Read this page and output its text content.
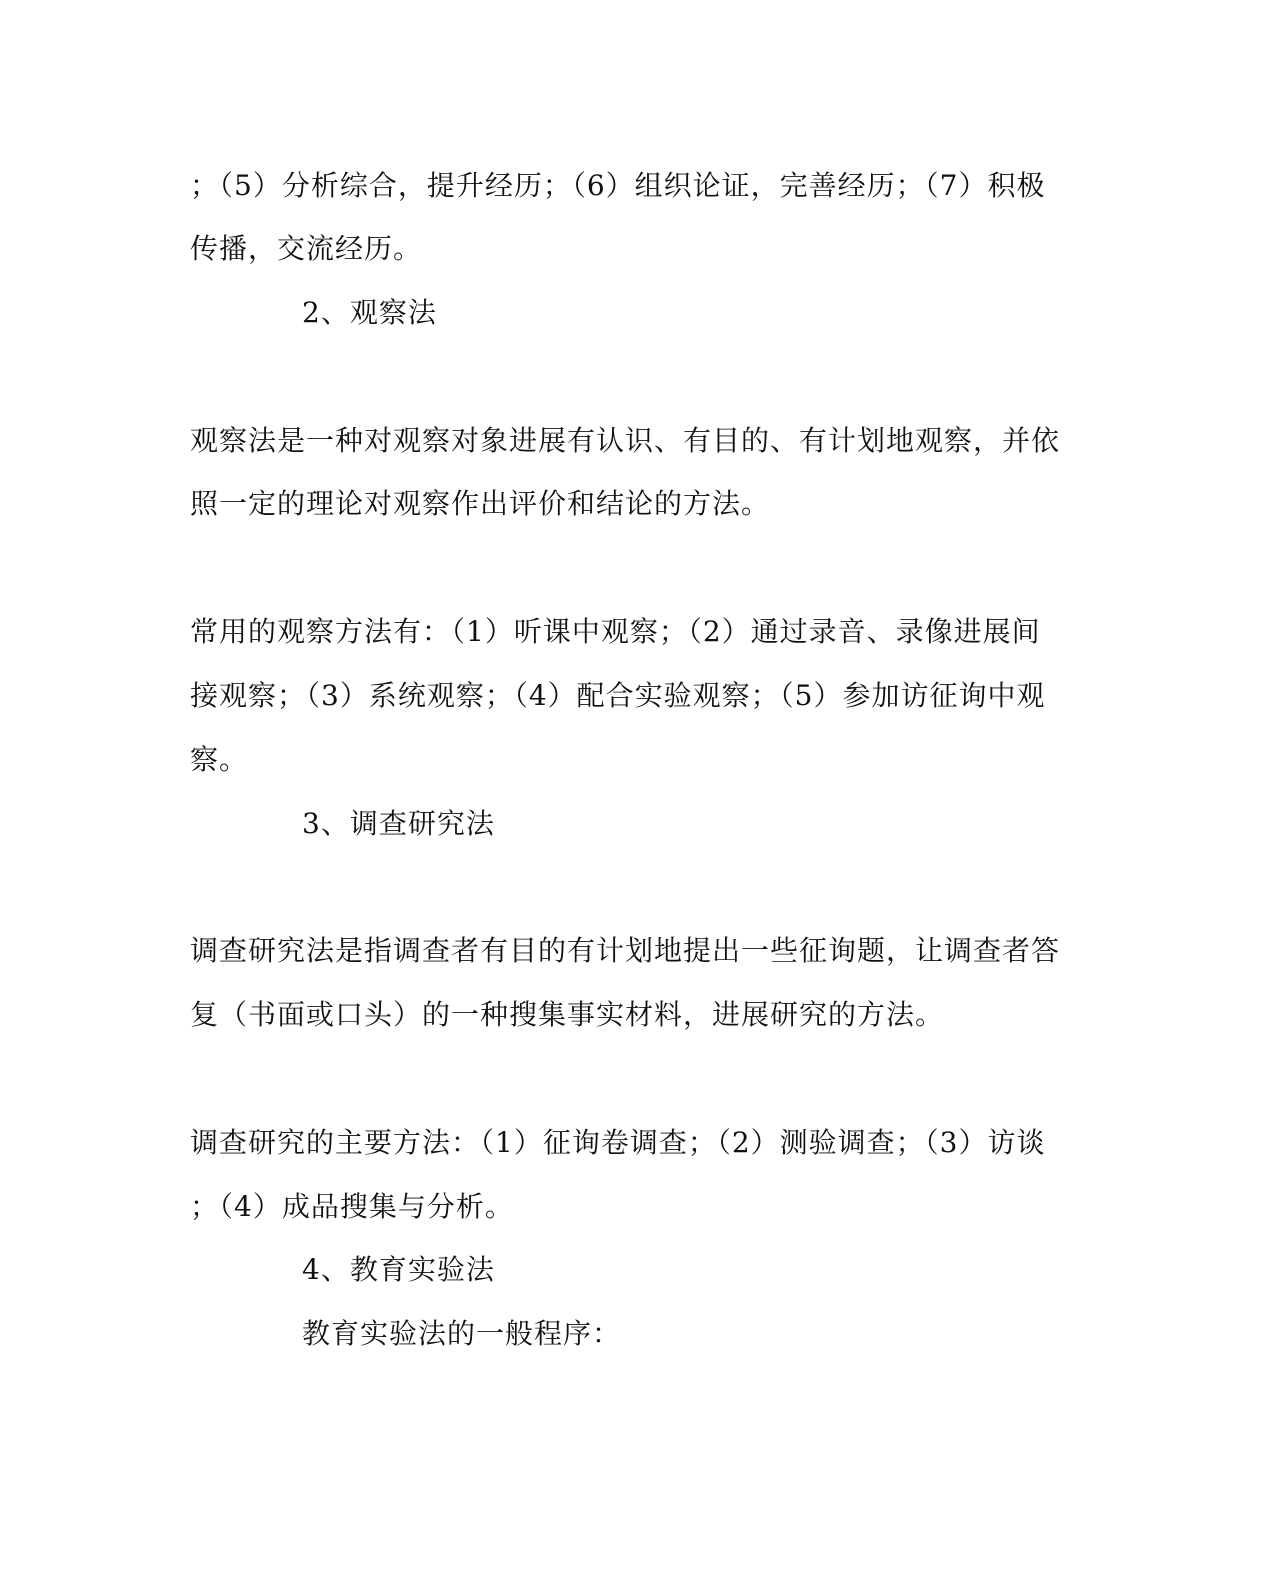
；（5）分析综合，提升经历；（6）组织论证，完善经历；（7）积极
传播，交流经历。
2、观察法
观察法是一种对观察对象进展有认识、有目的、有计划地观察，并依
照一定的理论对观察作出评价和结论的方法。
常用的观察方法有：（1）听课中观察；（2）通过录音、录像进展间
接观察；（3）系统观察；（4）配合实验观察；（5）参加访征询中观
察。
3、调查研究法
调查研究法是指调查者有目的有计划地提出一些征询题，让调查者答
复（书面或口头）的一种搜集事实材料，进展研究的方法。
调查研究的主要方法：（1）征询卷调查；（2）测验调查；（3）访谈
；（4）成品搜集与分析。
4、教育实验法
教育实验法的一般程序：
